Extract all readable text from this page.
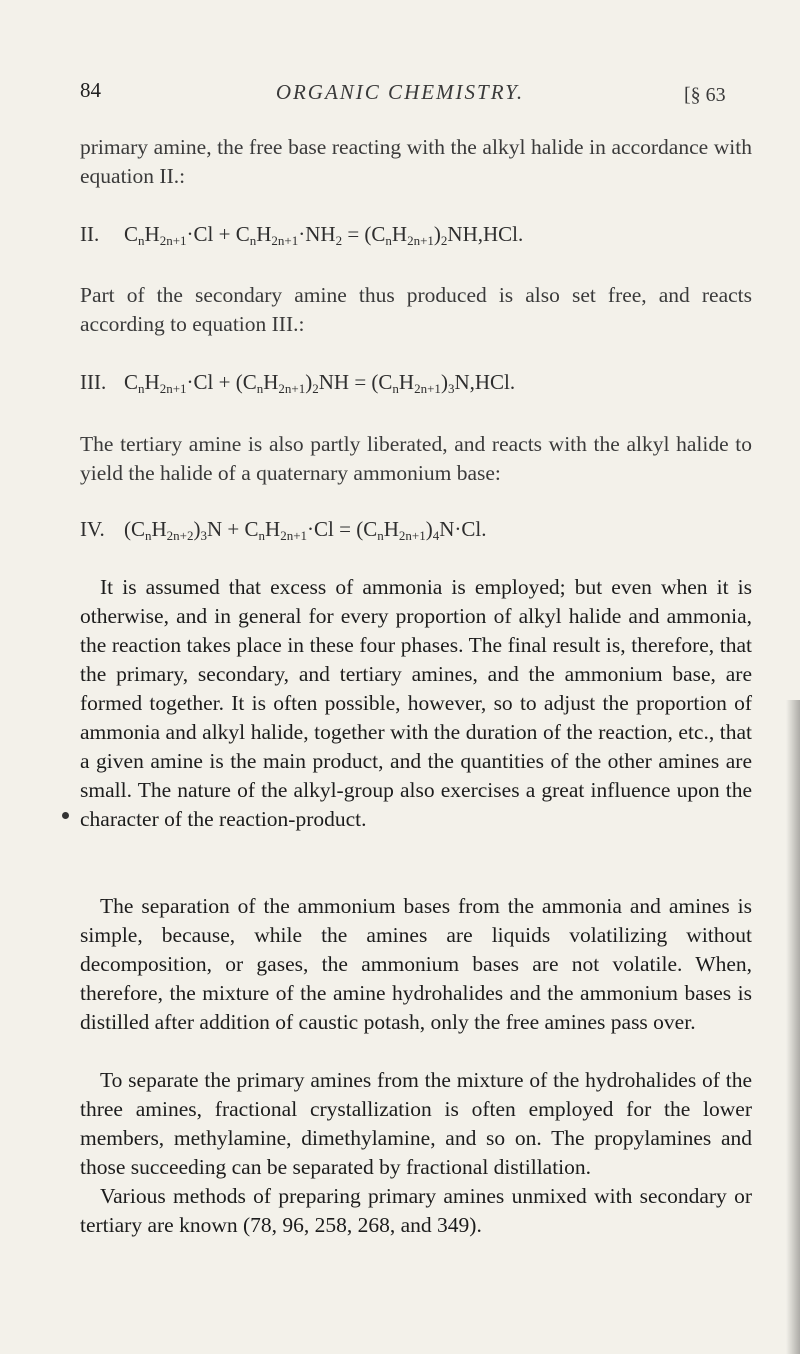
84	ORGANIC CHEMISTRY.	[§ 63

primary amine, the free base reacting with the alkyl halide in accordance with equation II.:

II. $C_nH_{2n+1}\cdot Cl + C_nH_{2n+1}\cdot NH_2 = (C_nH_{2n+1})_2NH,HCl$.

Part of the secondary amine thus produced is also set free, and reacts according to equation III.:

III. $C_nH_{2n+1}\cdot Cl + (C_nH_{2n+1})_2NH = (C_nH_{2n+1})_3N,HCl$.

The tertiary amine is also partly liberated, and reacts with the alkyl halide to yield the halide of a quaternary ammonium base:

IV. $(C_nH_{2n+2})_3N + C_nH_{2n+1}\cdot Cl = (C_nH_{2n+1})_4N\cdot Cl$.

It is assumed that excess of ammonia is employed; but even when it is otherwise, and in general for every proportion of alkyl halide and ammonia, the reaction takes place in these four phases. The final result is, therefore, that the primary, secondary, and tertiary amines, and the ammonium base, are formed together. It is often possible, however, so to adjust the proportion of ammonia and alkyl halide, together with the duration of the reaction, etc., that a given amine is the main product, and the quantities of the other amines are small. The nature of the alkyl-group also exercises a great influence upon the character of the reaction-product.

The separation of the ammonium bases from the ammonia and amines is simple, because, while the amines are liquids volatilizing without decomposition, or gases, the ammonium bases are not volatile. When, therefore, the mixture of the amine hydrohalides and the ammonium bases is distilled after addition of caustic potash, only the free amines pass over.

To separate the primary amines from the mixture of the hydrohalides of the three amines, fractional crystallization is often employed for the lower members, methylamine, dimethylamine, and so on. The propylamines and those succeeding can be separated by fractional distillation.

Various methods of preparing primary amines unmixed with secondary or tertiary are known (78, 96, 258, 268, and 349).
